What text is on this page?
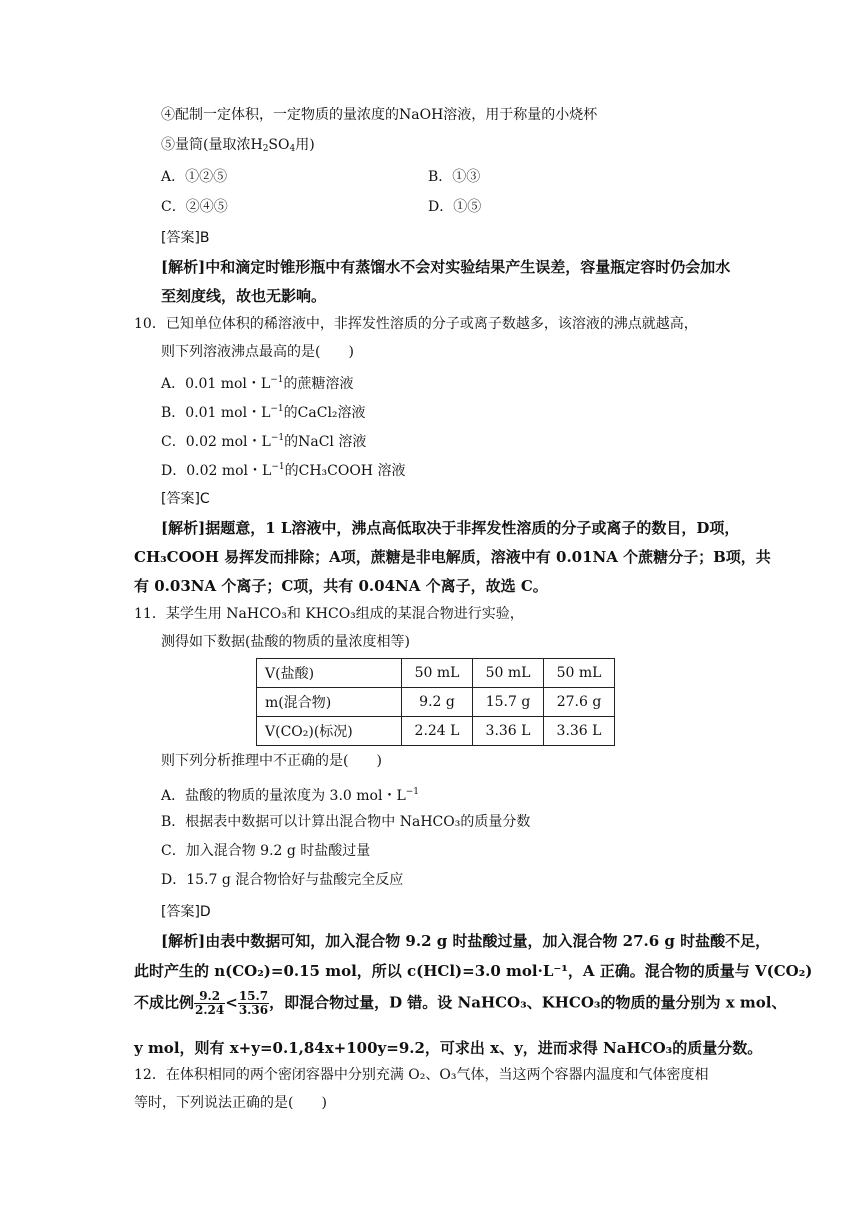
④配制一定体积，一定物质的量浓度的NaOH溶液，用于称量的小烧杯
⑤量筒(量取浓$H_2SO_4$用)
A．①②⑤	B．①③
C．②④⑤	D．①⑤
[答案]B
[解析]中和滴定时锥形瓶中有蒸馏水不会对实验结果产生误差，容量瓶定容时仍会加水
至刻度线，故也无影响。
10．已知单位体积的稀溶液中，非挥发性溶质的分子或离子数越多，该溶液的沸点就越高，
则下列溶液沸点最高的是(　　)
A．0.01 mol・$L^{-1}$的蔗糖溶液
B．0.01 mol・$L^{-1}$的CaCl₂溶液
C．0.02 mol・$L^{-1}$的NaCl 溶液
D．0.02 mol・$L^{-1}$的CH₃COOH 溶液
[答案]C
[解析]据题意，1 L溶液中，沸点高低取决于非挥发性溶质的分子或离子的数目，D项，
CH₃COOH 易挥发而排除；A项，蔗糖是非电解质，溶液中有 0.01NA 个蔗糖分子；B项，共
有 0.03NA 个离子；C项，共有 0.04NA 个离子，故选 C。
11．某学生用 NaHCO₃和 KHCO₃组成的某混合物进行实验，
测得如下数据(盐酸的物质的量浓度相等)
V(盐酸)	50 mL	50 mL	50 mL
m(混合物)	9.2 g	15.7 g	27.6 g
V(CO₂)(标况)	2.24 L	3.36 L	3.36 L
则下列分析推理中不正确的是(　　)
A．盐酸的物质的量浓度为 3.0 mol・$L^{-1}$
B．根据表中数据可以计算出混合物中 NaHCO₃的质量分数
C．加入混合物 9.2 g 时盐酸过量
D．15.7 g 混合物恰好与盐酸完全反应
[答案]D
[解析]由表中数据可知，加入混合物 9.2 g 时盐酸过量，加入混合物 27.6 g 时盐酸不足，
此时产生的 n(CO₂)=0.15 mol，所以 c(HCl)=3.0 mol·L⁻¹，A 正确。混合物的质量与 V(CO₂)
不成比例 $\frac{9.2}{2.24} < \frac{15.7}{3.36}$ ，即混合物过量，D 错。设 NaHCO₃、KHCO₃的物质的量分别为 x mol、
y mol，则有 x+y=0.1,84x+100y=9.2，可求出 x、y，进而求得 NaHCO₃的质量分数。
12．在体积相同的两个密闭容器中分别充满 O₂、O₃气体，当这两个容器内温度和气体密度相
等时，下列说法正确的是(　　)
